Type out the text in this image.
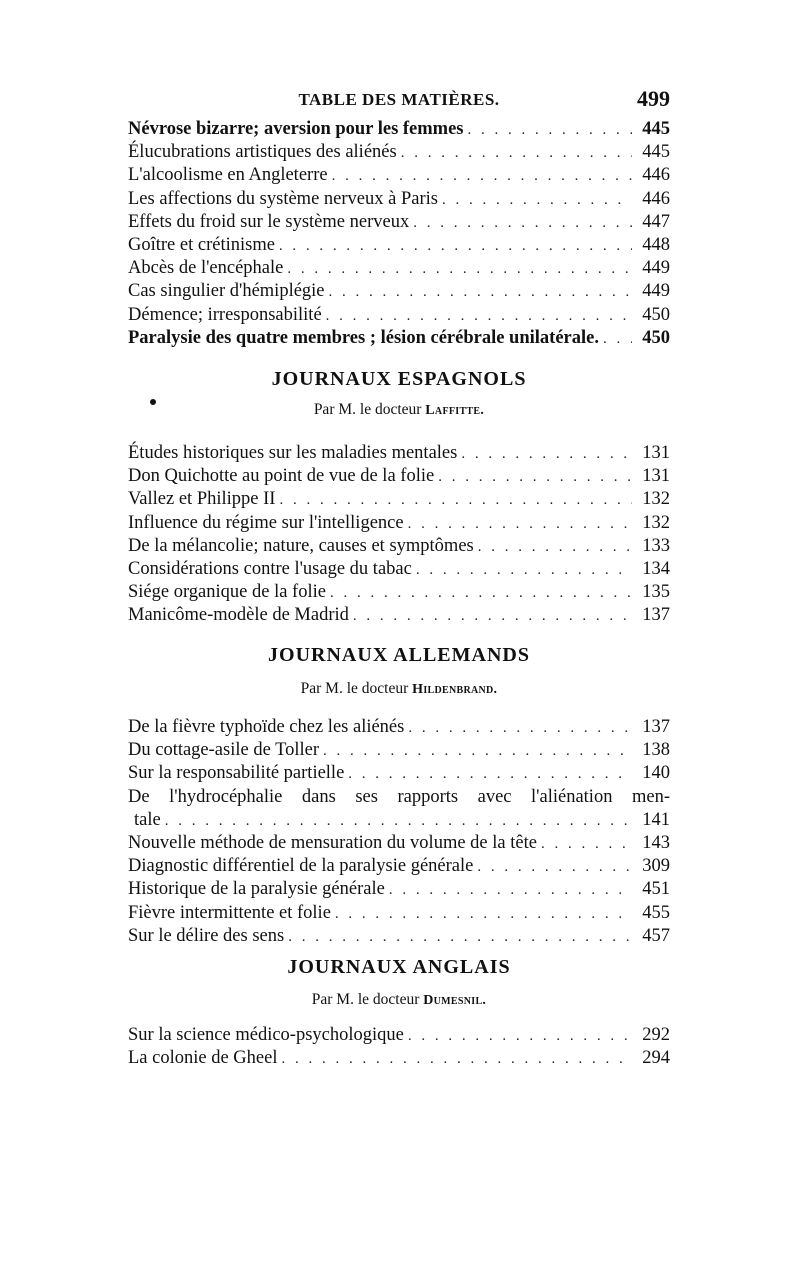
TABLE DES MATIÈRES.	499
Névrose bizarre; aversion pour les femmes . . .	445
Élucubrations artistiques des aliénés . . .	445
L'alcoolisme en Angleterre . . .	446
Les affections du système nerveux à Paris . . .	446
Effets du froid sur le système nerveux . . .	447
Goître et crétinisme . . .	448
Abcès de l'encéphale . . .	449
Cas singulier d'hémiplégie . . .	449
Démence; irresponsabilité . . .	450
Paralysie des quatre membres ; lésion cérébrale unilatérale. . . .	450
JOURNAUX ESPAGNOLS
Par M. le docteur Laffitte.
Études historiques sur les maladies mentales . . .	131
Don Quichotte au point de vue de la folie . . .	131
Vallez et Philippe II . . .	132
Influence du régime sur l'intelligence . . .	132
De la mélancolie; nature, causes et symptômes . . .	133
Considérations contre l'usage du tabac . . .	134
Siége organique de la folie . . .	135
Manicôme-modèle de Madrid . . .	137
JOURNAUX ALLEMANDS
Par M. le docteur Hildenbrand.
De la fièvre typhoïde chez les aliénés . . .	137
Du cottage-asile de Toller . . .	138
Sur la responsabilité partielle . . .	140
De l'hydrocéphalie dans ses rapports avec l'aliénation men-
tale . . .	141
Nouvelle méthode de mensuration du volume de la tête . . .	143
Diagnostic différentiel de la paralysie générale . . .	309
Historique de la paralysie générale . . .	451
Fièvre intermittente et folie . . .	455
Sur le délire des sens . . .	457
JOURNAUX ANGLAIS
Par M. le docteur Dumesnil.
Sur la science médico-psychologique . . .	292
La colonie de Gheel . . .	294
